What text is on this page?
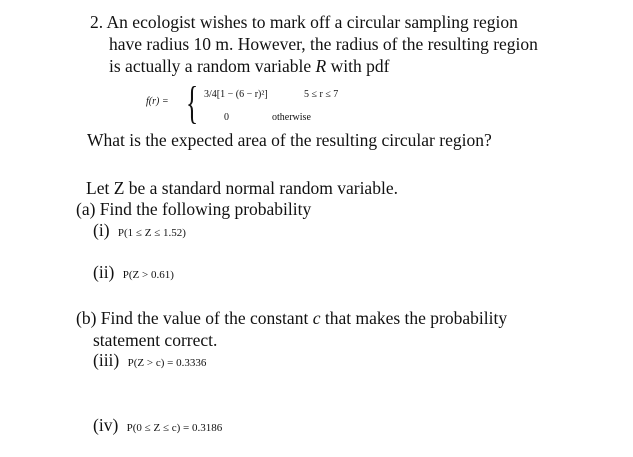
2. An ecologist wishes to mark off a circular sampling region
have radius 10 m. However, the radius of the resulting region
is actually a random variable R with pdf
f(r) = { 3/4[1 − (6 − r)²]	5 ≤ r ≤ 7
0	otherwise
What is the expected area of the resulting circular region?
Let Z be a standard normal random variable.
(a) Find the following probability
(i) P(1 ≤ Z ≤ 1.52)
(ii) P(Z > 0.61)
(b) Find the value of the constant c that makes the probability
statement correct.
(iii) P(Z > c) = 0.3336
(iv) P(0 ≤ Z ≤ c) = 0.3186
